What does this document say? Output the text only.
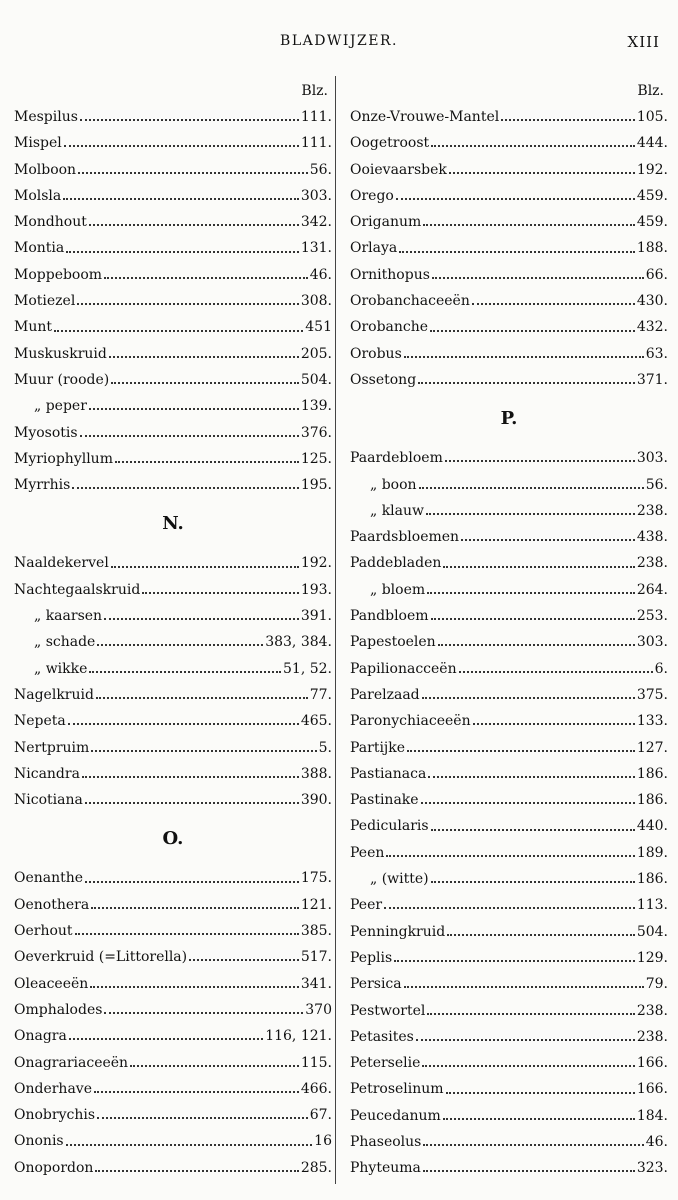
BLADWIJZER.	XIII
Blz.
Mespilus	111.
Mispel	111.
Molboon	56.
Molsla	303.
Mondhout	342.
Montia	131.
Moppeboom	46.
Motiezel	308.
Munt	451
Muskuskruid	205.
Muur (roode)	504.
„ peper	139.
Myosotis	376.
Myriophyllum	125.
Myrrhis	195.
N.
Naaldekervel	192.
Nachtegaalskruid	193.
„ kaarsen	391.
„ schade	383, 384.
„ wikke	51, 52.
Nagelkruid	77.
Nepeta	465.
Nertpruim	5.
Nicandra	388.
Nicotiana	390.
O.
Oenanthe	175.
Oenothera	121.
Oerhout	385.
Oeverkruid (=Littorella)	517.
Oleaceeën	341.
Omphalodes	370
Onagra	116, 121.
Onagrariaceeën	115.
Onderhave	466.
Onobrychis	67.
Ononis	16
Onopordon	285.
Blz.
Onze-Vrouwe-Mantel	105.
Oogetroost	444.
Ooievaarsbek	192.
Orego	459.
Origanum	459.
Orlaya	188.
Ornithopus	66.
Orobanchaceeën	430.
Orobanche	432.
Orobus	63.
Ossetong	371.
P.
Paardebloem	303.
„ boon	56.
„ klauw	238.
Paardsbloemen	438.
Paddebladen	238.
„ bloem	264.
Pandbloem	253.
Papestoelen	303.
Papilionacceën	6.
Parelzaad	375.
Paronychiaceeën	133.
Partijke	127.
Pastianaca	186.
Pastinake	186.
Pedicularis	440.
Peen	189.
„ (witte)	186.
Peer	113.
Penningkruid	504.
Peplis	129.
Persica	79.
Pestwortel	238.
Petasites	238.
Peterselie	166.
Petroselinum	166.
Peucedanum	184.
Phaseolus	46.
Phyteuma	323.
